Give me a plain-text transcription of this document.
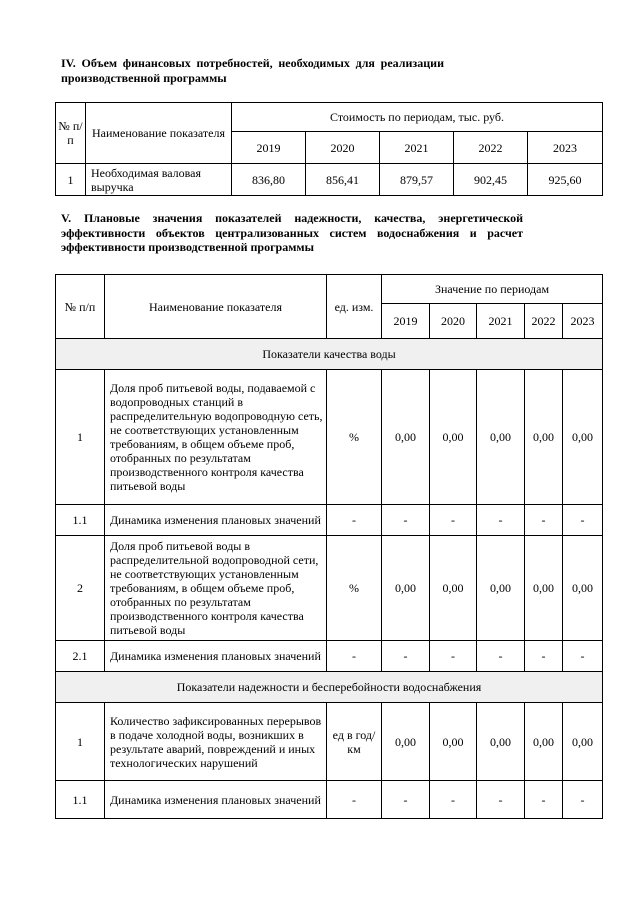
IV. Объем финансовых потребностей, необходимых для реализации производственной программы
№ п/п	Наименование показателя	Стоимость по периодам, тыс. руб.				
		2019	2020	2021	2022	2023
1	Необходимая валовая выручка	836,80	856,41	879,57	902,45	925,60
V. Плановые значения показателей надежности, качества, энергетической эффективности объектов централизованных систем водоснабжения и расчет эффективности производственной программы
№ п/п	Наименование показателя	ед. изм.	Значение по периодам				
			2019	2020	2021	2022	2023
Показатели качества воды							
1	Доля проб питьевой воды, подаваемой с водопроводных станций в распределительную водопроводную сеть, не соответствующих установленным требованиям, в общем объеме проб, отобранных по результатам производственного контроля качества питьевой воды	%	0,00	0,00	0,00	0,00	0,00
1.1	Динамика изменения плановых значений	-	-	-	-	-	-
2	Доля проб питьевой воды в распределительной водопроводной сети, не соответствующих установленным требованиям, в общем объеме проб, отобранных по результатам производственного контроля качества питьевой воды	%	0,00	0,00	0,00	0,00	0,00
2.1	Динамика изменения плановых значений	-	-	-	-	-	-
Показатели надежности и бесперебойности водоснабжения							
1	Количество зафиксированных перерывов в подаче холодной воды, возникших в результате аварий, повреждений и иных технологических нарушений	ед в год/ км	0,00	0,00	0,00	0,00	0,00
1.1	Динамика изменения плановых значений	-	-	-	-	-	-
